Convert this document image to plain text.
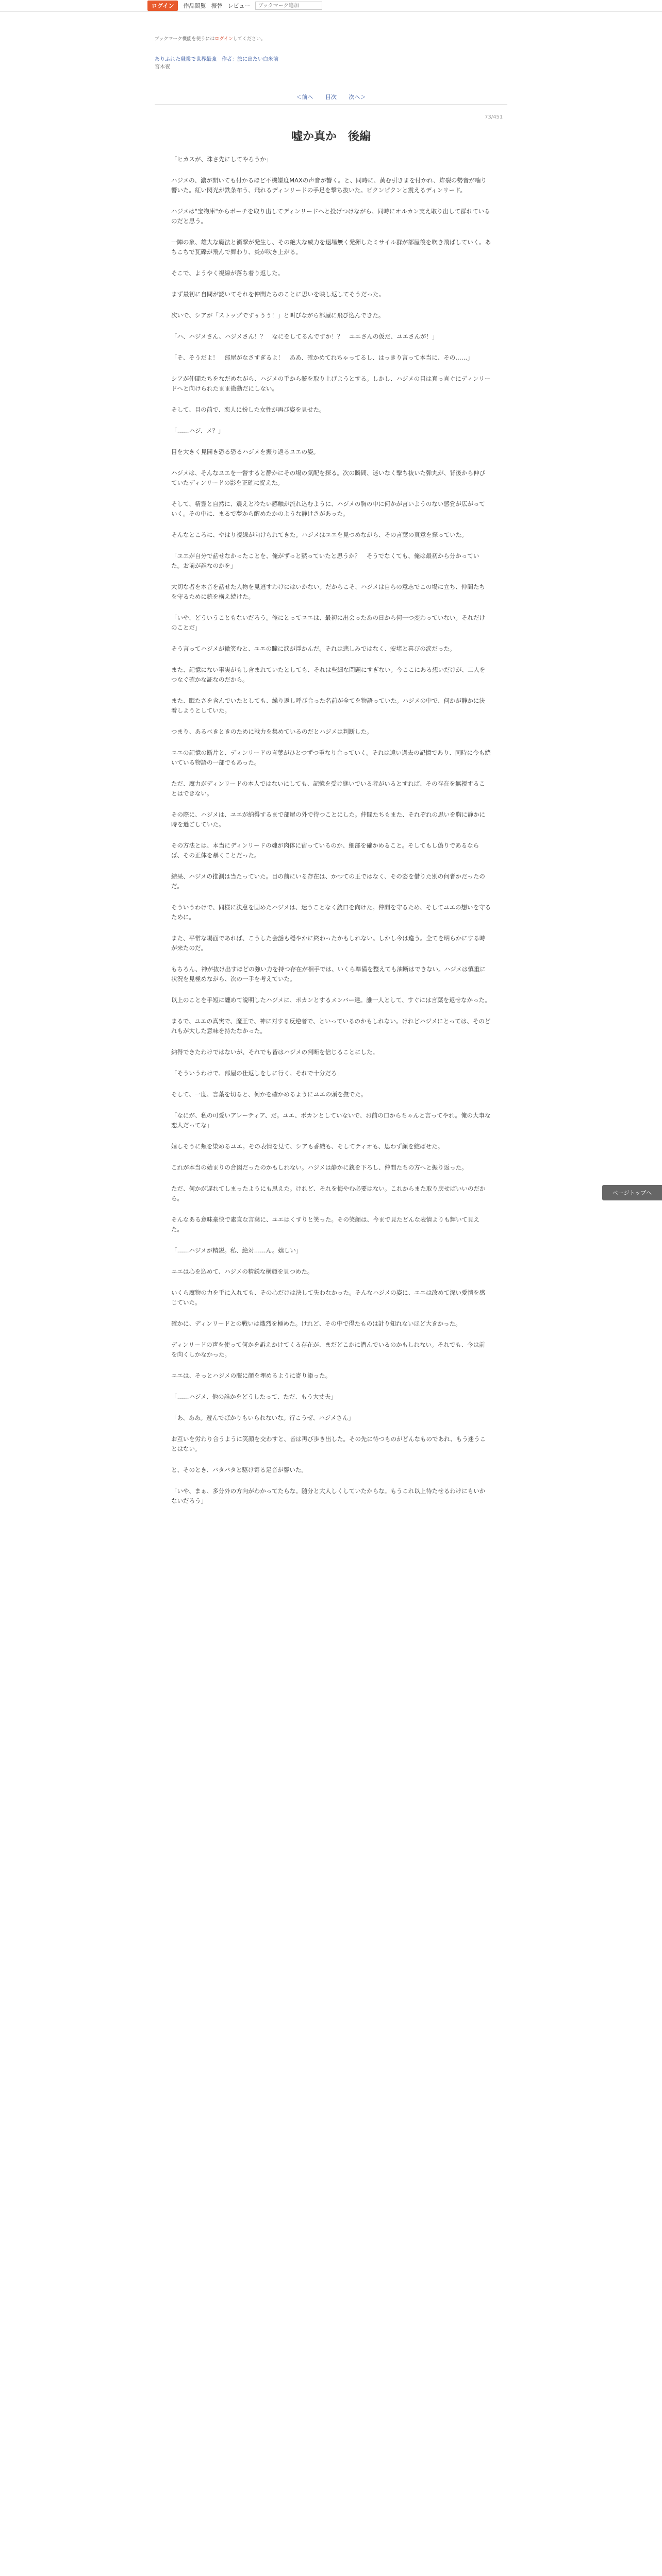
ログイン	作品閲覧 振替 レビュー
ブックマーク追加
ブックマーク機能を使うにはログインしてください。
ありふれた職業で世界最強　作者：旅に出たい白米前
宮木夜
＜前へ 目次 次へ＞
73/451
嘘か真か　後編

「ヒカスが、珠さ先にしてやろうか」

ハジメの、濃が開いても付かるほど不機嫌度MAXの声音が響く。と、同時に、黄む引きまを付かれ、炸裂の勢音が噛り響いた。紅い閃光が鉄条布う、飛れるディンリードの手足を撃ち抜いた。ピクンピクンと震えるディンリード。

ハジメは"宝物庫"からポーチを取り出してディンリードへと投げつけながら、同時にオルカン支え取り出して群れているのだと思う。

一陣の象、雄大な魔法と衝撃が発生し、その絶大な威力を退場無く発揮したミサイル群が部屋後を吹き飛ばしていく。あちこちで瓦礫が飛んで舞わり、炎が吹き上がる。

そこで、ようやく視線が落ち着り返した。

まず最初に自問が認いてそれを仲間たちのことに思いを映し返してそうだった。

次いで、シアが「ストップですぅうう！」と叫びながら部屋に飛び込んできた。

「ハ、ハジメさん、ハジメさん！？　なにをしてるんですか！？　ユエさんの仮だ、ユエさんが！」

「そ、そうだよ！　部屋がなさすぎるよ！　ああ、確かめてれちゃってるし、はっきり言って本当に、その……」

シアが仲間たちをなだめながら、ハジメの手から銃を取り上げようとする。しかし、ハジメの目は真っ直ぐにディンリードへと向けられたまま微動だにしない。

そして、目の前で、恋人に扮した女性が再び姿を見せた。

「……ハジ、メ？」

目を大きく見開き恐る恐るハジメを振り返るユエの姿。

ハジメは、そんなユエを一瞥すると静かにその場の気配を探る。次の瞬間、迷いなく撃ち抜いた弾丸が、背後から伸びていたディンリードの影を正確に捉えた。

そして、精霊と自然に、震えと冷たい感触が流れ込むように、ハジメの胸の中に何かが言いようのない感覚が広がっていく。その中に、まるで夢から醒めたかのような静けさがあった。

そんなところに、やはり視線が向けられてきた。ハジメはユエを見つめながら、その言葉の真意を探っていた。

「ユエが自分で話せなかったことを、俺がずっと黙っていたと思うか？　そうでなくても、俺は最初から分かっていた。お前が誰なのかを」

大切な者を本音を話せた人物を見逃すわけにはいかない。だからこそ、ハジメは自らの意志でこの場に立ち、仲間たちを守るために銃を構え続けた。

「いや、どういうこともないだろう。俺にとってユエは、最初に出会ったあの日から何一つ変わっていない。それだけのことだ」

そう言ってハジメが微笑むと、ユエの瞳に涙が浮かんだ。それは悲しみではなく、安堵と喜びの涙だった。

また、記憶にない事実がもし含まれていたとしても、それは些細な問題にすぎない。今ここにある想いだけが、二人をつなぐ確かな証なのだから。

また、眠たさを含んでいたとしても、繰り返し呼び合った名前が全てを物語っていた。ハジメの中で、何かが静かに決着しようとしていた。

つまり、あるべきときのために戦力を集めているのだとハジメは判断した。

ユエの記憶の断片と、ディンリードの言葉がひとつずつ重なり合っていく。それは遠い過去の記憶であり、同時に今も続いている物語の一部でもあった。

ただ、魔力がディンリードの本人ではないにしても、記憶を受け継いでいる者がいるとすれば、その存在を無視することはできない。

その際に、ハジメは、ユエが納得するまで部屋の外で待つことにした。仲間たちもまた、それぞれの思いを胸に静かに時を過ごしていた。

その方法とは、本当にディンリードの魂が肉体に宿っているのか、細部を確かめること。そしてもし偽りであるならば、その正体を暴くことだった。

結果、ハジメの推測は当たっていた。目の前にいる存在は、かつての王ではなく、その姿を借りた別の何者かだったのだ。

そういうわけで、同様に決意を固めたハジメは、迷うことなく銃口を向けた。仲間を守るため、そしてユエの想いを守るために。

また、平常な場面であれば、こうした会話も穏やかに終わったかもしれない。しかし今は違う。全てを明らかにする時が来たのだ。

もちろん、神が抜け出すほどの強い力を持つ存在が相手では、いくら準備を整えても油断はできない。ハジメは慎重に状況を見極めながら、次の一手を考えていた。

以上のことを手短に纏めて説明したハジメに、ポカンとするメンバー達。誰一人として、すぐには言葉を返せなかった。

まるで、ユエの真実で、魔王で、神に対する反逆者で、といっているのかもしれない。けれどハジメにとっては、そのどれもが大した意味を持たなかった。

納得できたわけではないが、それでも皆はハジメの判断を信じることにした。

「そういうわけで、部屋の仕返しをしに行く。それで十分だろ」

そして、一度、言葉を切ると、何かを確かめるようにユエの頭を撫でた。

「なにが、私の可愛いアレーティア、だ。ユエ、ポカンとしていないで、お前の口からちゃんと言ってやれ。俺の大事な恋人だってな」

嬉しそうに頬を染めるユエ。その表情を見て、シアも香織も、そしてティオも、思わず顔を綻ばせた。

これが本当の始まりの合図だったのかもしれない。ハジメは静かに銃を下ろし、仲間たちの方へと振り返った。

ただ、何かが遅れてしまったようにも思えた。けれど、それを悔やむ必要はない。これからまた取り戻せばいいのだから。

そんなある意味豪快で素直な言葉に、ユエはくすりと笑った。その笑顔は、今まで見たどんな表情よりも輝いて見えた。

「……ハジメが精鋭。私、絶対……ん。嬉しい」

ユエは心を込めて、ハジメの精鋭な横顔を見つめた。

いくら魔物の力を手に入れても、その心だけは決して失わなかった。そんなハジメの姿に、ユエは改めて深い愛情を感じていた。

確かに、ディンリードとの戦いは熾烈を極めた。けれど、その中で得たものは計り知れないほど大きかった。

ディンリードの声を使って何かを訴えかけてくる存在が、まだどこかに潜んでいるのかもしれない。それでも、今は前を向くしかなかった。

ユエは、そっとハジメの服に顔を埋めるように寄り添った。

「……ハジメ、他の誰かをどうしたって、ただ、もう大丈夫」

「あ、ああ。遊んでばかりもいられないな。行こうぜ、ハジメさん」

お互いを労わり合うように笑顔を交わすと、皆は再び歩き出した。その先に待つものがどんなものであれ、もう迷うことはない。

と、そのとき、バタバタと駆け寄る足音が響いた。

「いや、まぁ、多分外の方向がわかってたらな。随分と大人しくしていたからな。もうこれ以上待たせるわけにもいかないだろう」

ページトップへ
